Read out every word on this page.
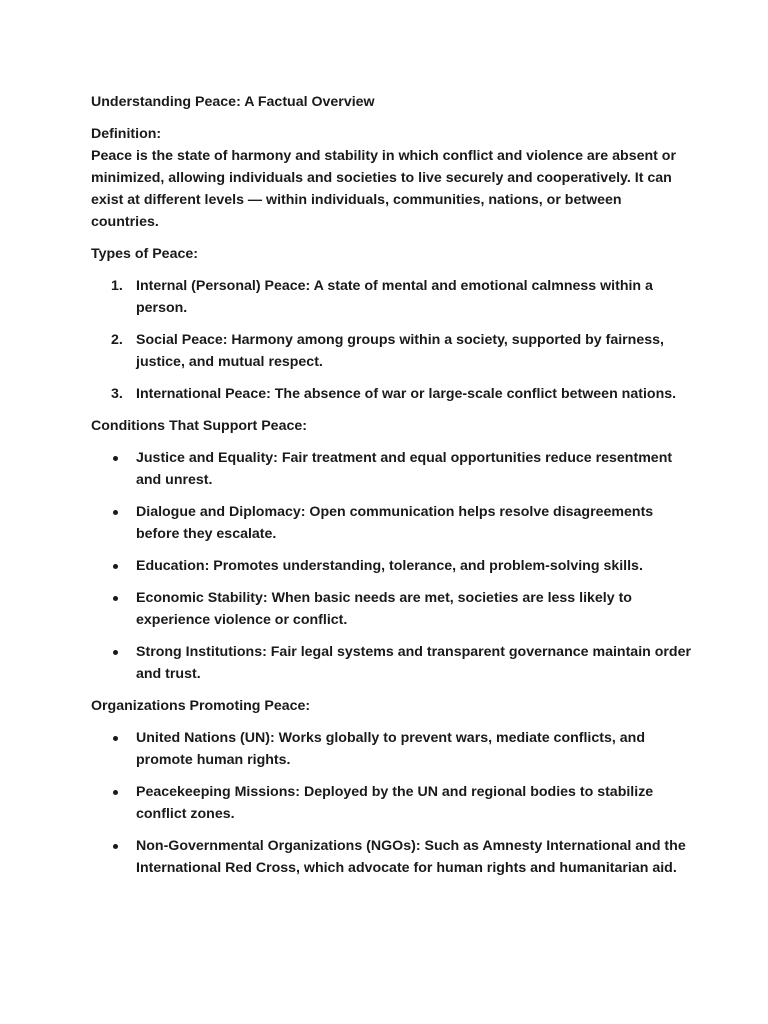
Understanding Peace: A Factual Overview

Definition:

Peace is the state of harmony and stability in which conflict and violence are absent or minimized, allowing individuals and societies to live securely and cooperatively. It can exist at different levels — within individuals, communities, nations, or between countries.

Types of Peace:

1. Internal (Personal) Peace: A state of mental and emotional calmness within a person.
2. Social Peace: Harmony among groups within a society, supported by fairness, justice, and mutual respect.
3. International Peace: The absence of war or large-scale conflict between nations.

Conditions That Support Peace:

Justice and Equality: Fair treatment and equal opportunities reduce resentment and unrest.
Dialogue and Diplomacy: Open communication helps resolve disagreements before they escalate.
Education: Promotes understanding, tolerance, and problem-solving skills.
Economic Stability: When basic needs are met, societies are less likely to experience violence or conflict.
Strong Institutions: Fair legal systems and transparent governance maintain order and trust.

Organizations Promoting Peace:

United Nations (UN): Works globally to prevent wars, mediate conflicts, and promote human rights.
Peacekeeping Missions: Deployed by the UN and regional bodies to stabilize conflict zones.
Non-Governmental Organizations (NGOs): Such as Amnesty International and the International Red Cross, which advocate for human rights and humanitarian aid.
